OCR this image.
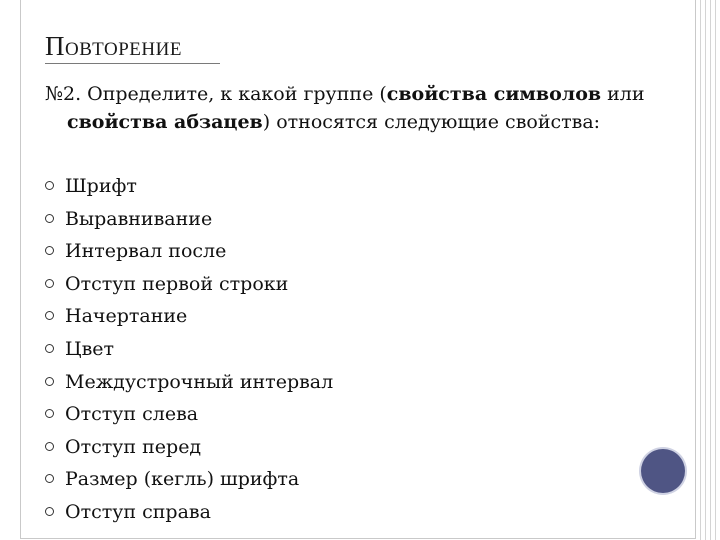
Повторение
№2. Определите, к какой группе (свойства символов или
свойства абзацев) относятся следующие свойства:
Шрифт
Выравнивание
Интервал после
Отступ первой строки
Начертание
Цвет
Междустрочный интервал
Отступ слева
Отступ перед
Размер (кегль) шрифта
Отступ справа
